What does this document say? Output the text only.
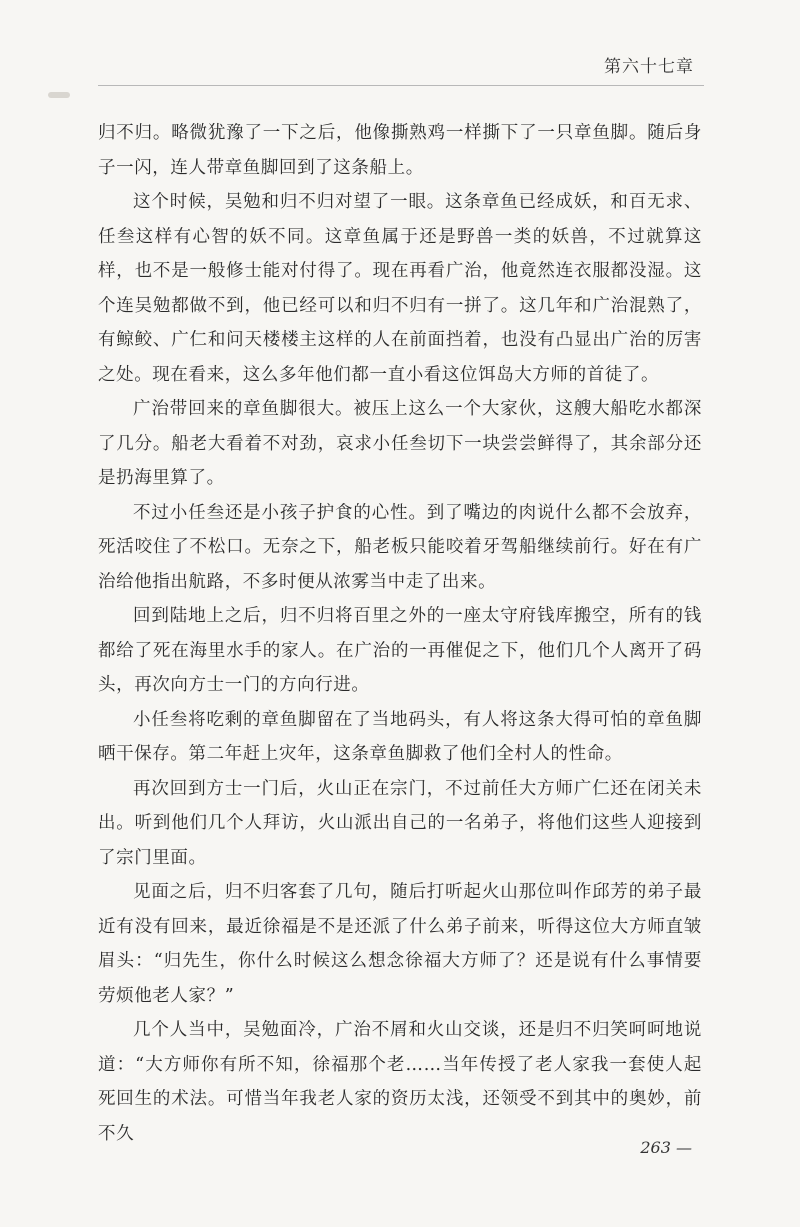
第六十七章

归不归。略微犹豫了一下之后，他像撕熟鸡一样撕下了一只章鱼脚。随后身子一闪，连人带章鱼脚回到了这条船上。

这个时候，吴勉和归不归对望了一眼。这条章鱼已经成妖，和百无求、任叁这样有心智的妖不同。这章鱼属于还是野兽一类的妖兽，不过就算这样，也不是一般修士能对付得了。现在再看广治，他竟然连衣服都没湿。这个连吴勉都做不到，他已经可以和归不归有一拼了。这几年和广治混熟了，有鲸鲛、广仁和问天楼楼主这样的人在前面挡着，也没有凸显出广治的厉害之处。现在看来，这么多年他们都一直小看这位饵岛大方师的首徒了。

广治带回来的章鱼脚很大。被压上这么一个大家伙，这艘大船吃水都深了几分。船老大看着不对劲，哀求小任叁切下一块尝尝鲜得了，其余部分还是扔海里算了。

不过小任叁还是小孩子护食的心性。到了嘴边的肉说什么都不会放弃，死活咬住了不松口。无奈之下，船老板只能咬着牙驾船继续前行。好在有广治给他指出航路，不多时便从浓雾当中走了出来。

回到陆地上之后，归不归将百里之外的一座太守府钱库搬空，所有的钱都给了死在海里水手的家人。在广治的一再催促之下，他们几个人离开了码头，再次向方士一门的方向行进。

小任叁将吃剩的章鱼脚留在了当地码头，有人将这条大得可怕的章鱼脚晒干保存。第二年赶上灾年，这条章鱼脚救了他们全村人的性命。

再次回到方士一门后，火山正在宗门，不过前任大方师广仁还在闭关未出。听到他们几个人拜访，火山派出自己的一名弟子，将他们这些人迎接到了宗门里面。

见面之后，归不归客套了几句，随后打听起火山那位叫作邱芳的弟子最近有没有回来，最近徐福是不是还派了什么弟子前来，听得这位大方师直皱眉头：“归先生，你什么时候这么想念徐福大方师了？还是说有什么事情要劳烦他老人家？”

几个人当中，吴勉面冷，广治不屑和火山交谈，还是归不归笑呵呵地说道：“大方师你有所不知，徐福那个老……当年传授了老人家我一套使人起死回生的术法。可惜当年我老人家的资历太浅，还领受不到其中的奥妙，前不久

263 —
